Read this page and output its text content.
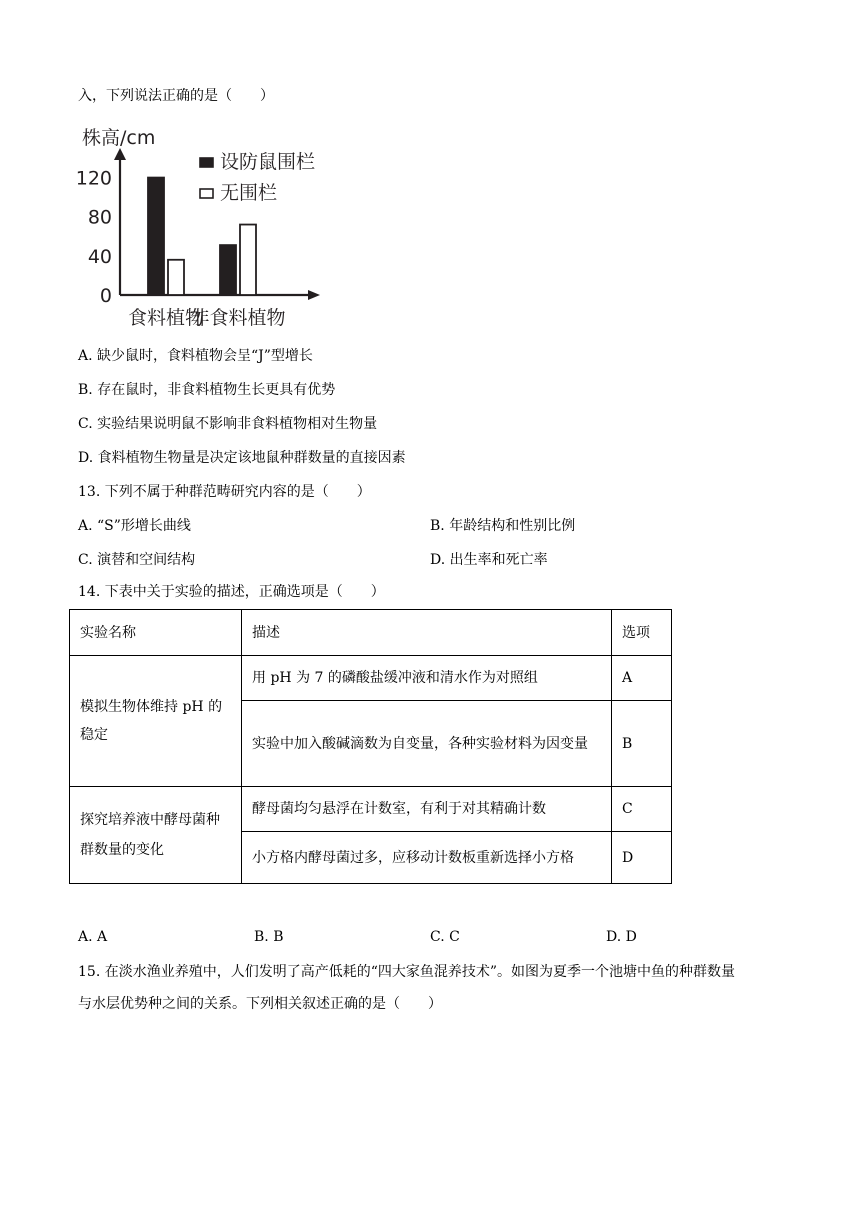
入，下列说法正确的是（　　）
株高/cm
120
80
40
0
食料植物
非食料植物
设防鼠围栏
无围栏
A. 缺少鼠时，食料植物会呈“J”型增长
B. 存在鼠时，非食料植物生长更具有优势
C. 实验结果说明鼠不影响非食料植物相对生物量
D. 食料植物生物量是决定该地鼠种群数量的直接因素
13. 下列不属于种群范畴研究内容的是（　　）
A. “S”形增长曲线	B. 年龄结构和性别比例
C. 演替和空间结构	D. 出生率和死亡率
14. 下表中关于实验的描述，正确选项是（　　）
实验名称	描述	选项
模拟生物体维持 pH 的稳定	用 pH 为 7 的磷酸盐缓冲液和清水作为对照组	A
	实验中加入酸碱滴数为自变量，各种实验材料为因变量	B
探究培养液中酵母菌种群数量的变化	酵母菌均匀悬浮在计数室，有利于对其精确计数	C
	小方格内酵母菌过多，应移动计数板重新选择小方格	D
A. A	B. B	C. C	D. D
15. 在淡水渔业养殖中，人们发明了高产低耗的“四大家鱼混养技术”。如图为夏季一个池塘中鱼的种群数量
与水层优势种之间的关系。下列相关叙述正确的是（　　）
